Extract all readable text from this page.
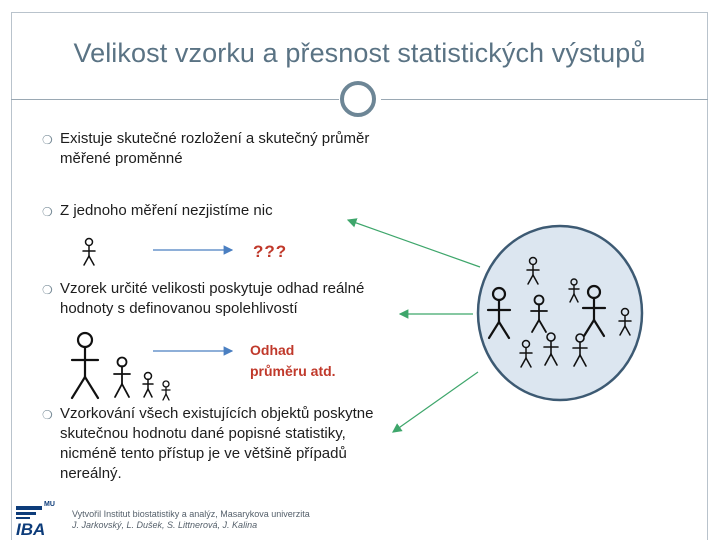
Velikost vzorku a přesnost statistických výstupů
❍ Existuje skutečné rozložení a skutečný průměr měřené proměnné
❍ Z jednoho měření nezjistíme nic
❍ Vzorek určité velikosti poskytuje odhad reálné hodnoty s definovanou spolehlivostí
❍ Vzorkování všech existujících objektů poskytne skutečnou hodnotu dané popisné statistiky, nicméně tento přístup je ve většině případů nereálný.
???
Odhad
průměru atd.
MU
IBA
Vytvořil Institut biostatistiky a analýz, Masarykova univerzita
J. Jarkovský, L. Dušek, S. Littnerová, J. Kalina
